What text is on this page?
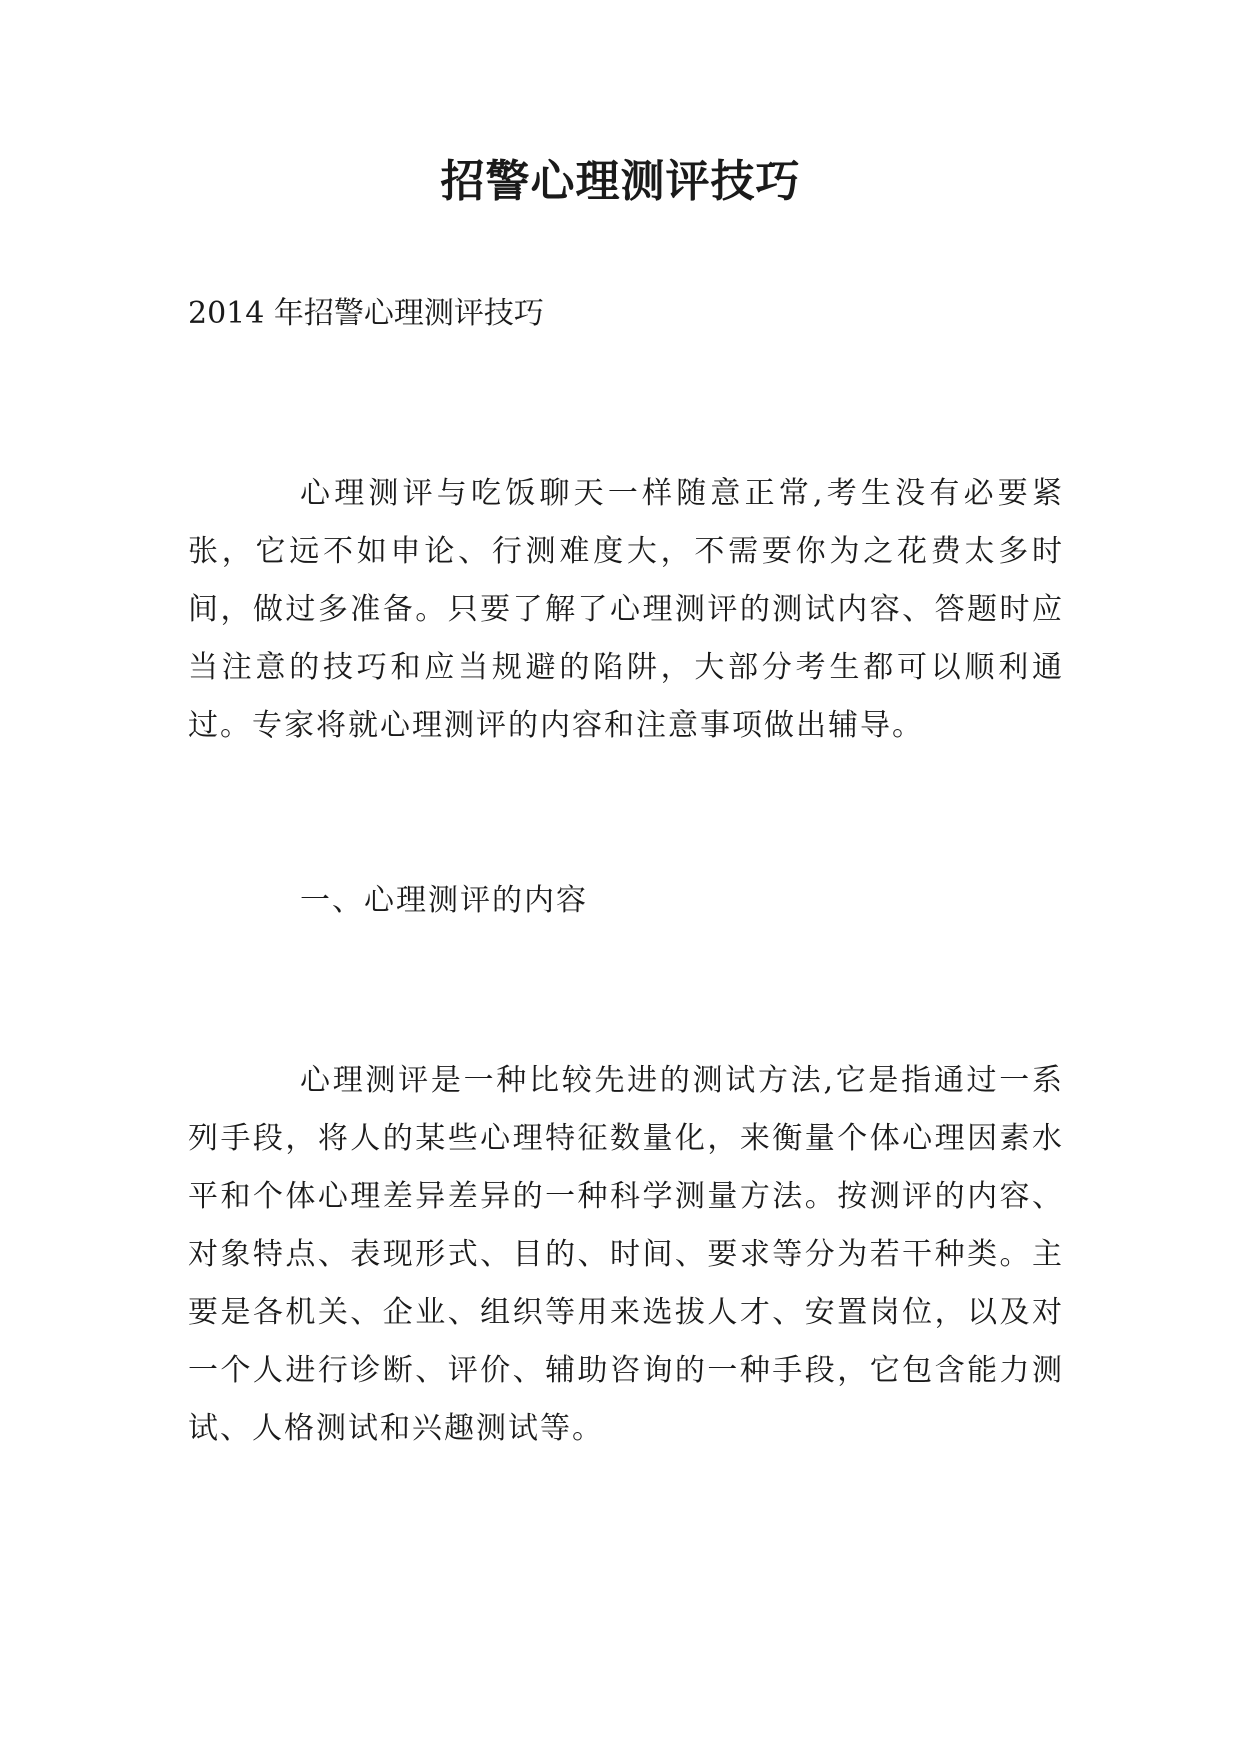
招警心理测评技巧

2014 年招警心理测评技巧

心理测评与吃饭聊天一样随意正常,考生没有必要紧张，它远不如申论、行测难度大，不需要你为之花费太多时间，做过多准备。只要了解了心理测评的测试内容、答题时应当注意的技巧和应当规避的陷阱，大部分考生都可以顺利通过。专家将就心理测评的内容和注意事项做出辅导。

一、心理测评的内容

心理测评是一种比较先进的测试方法,它是指通过一系列手段，将人的某些心理特征数量化，来衡量个体心理因素水平和个体心理差异差异的一种科学测量方法。按测评的内容、对象特点、表现形式、目的、时间、要求等分为若干种类。主要是各机关、企业、组织等用来选拔人才、安置岗位，以及对一个人进行诊断、评价、辅助咨询的一种手段，它包含能力测试、人格测试和兴趣测试等。
